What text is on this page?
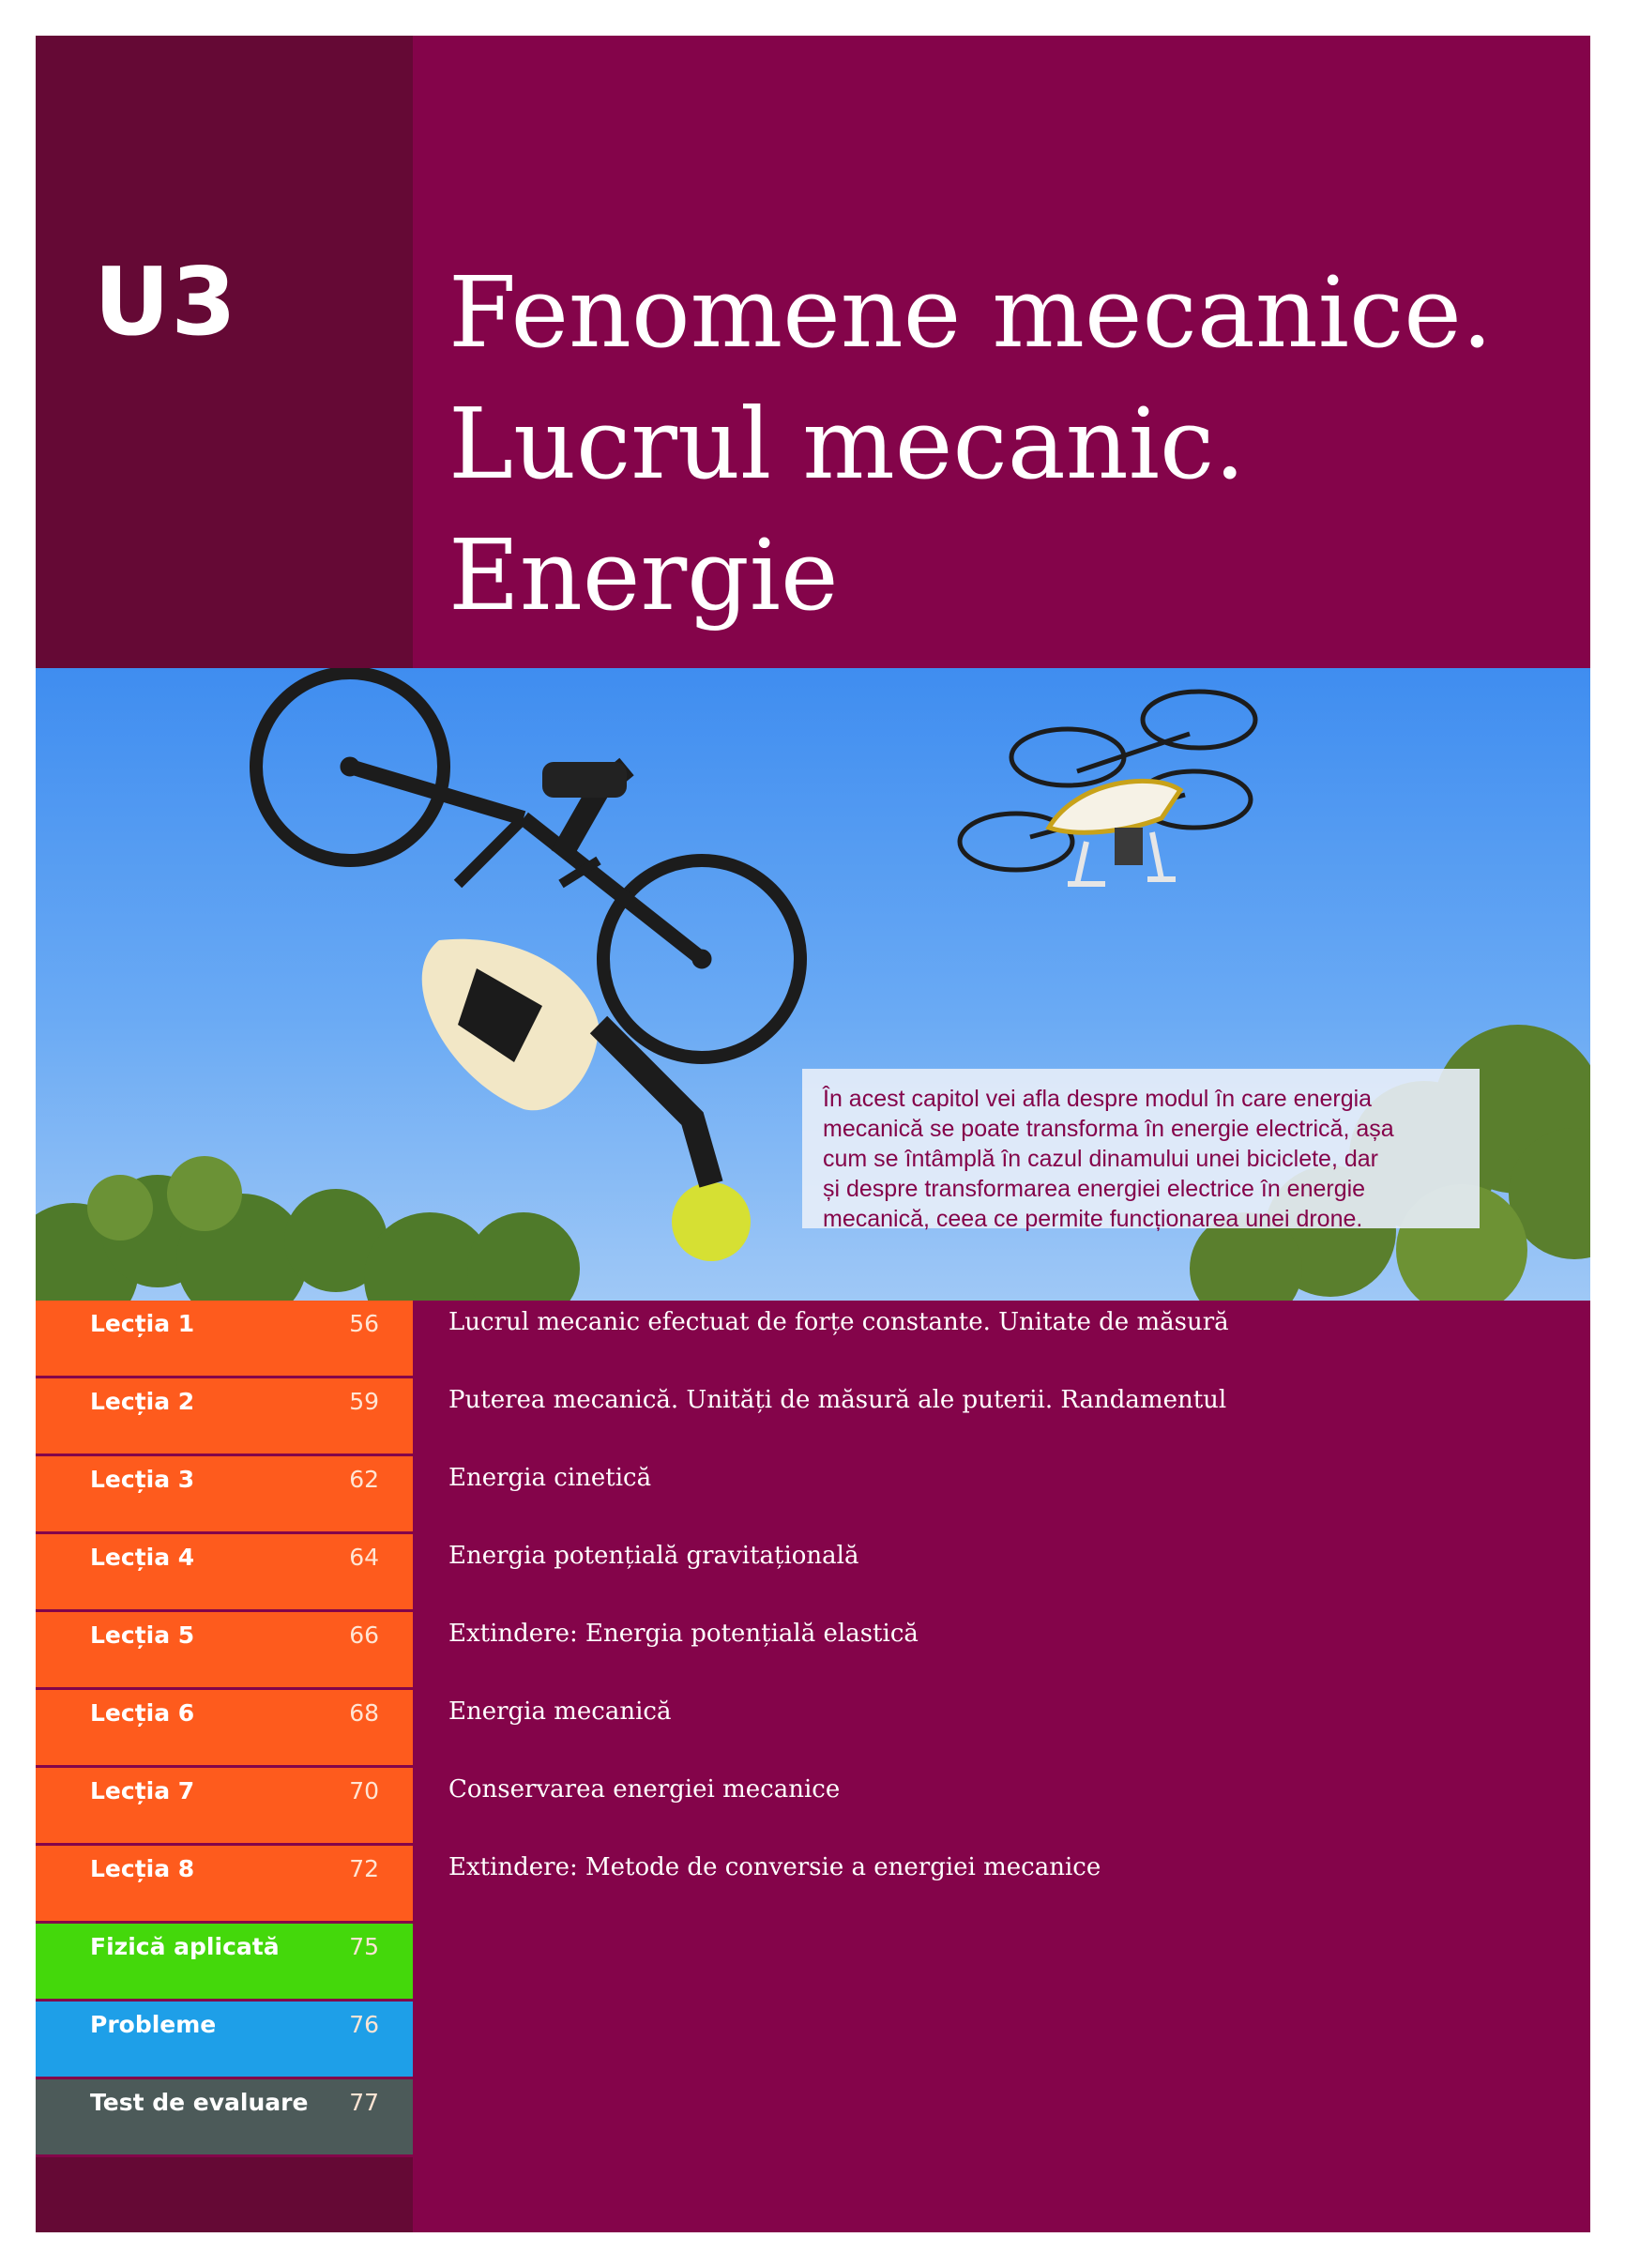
U3 Fenomene mecanice.
Lucrul mecanic.
Energie
În acest capitol vei afla despre modul în care energia
mecanică se poate transforma în energie electrică, așa
cum se întâmplă în cazul dinamului unei biciclete, dar
și despre transformarea energiei electrice în energie
mecanică, ceea ce permite funcționarea unei drone.
Lecția 1	56	Lucrul mecanic efectuat de forțe constante. Unitate de măsură
Lecția 2	59	Puterea mecanică. Unități de măsură ale puterii. Randamentul
Lecția 3	62	Energia cinetică
Lecția 4	64	Energia potențială gravitațională
Lecția 5	66	Extindere: Energia potențială elastică
Lecția 6	68	Energia mecanică
Lecția 7	70	Conservarea energiei mecanice
Lecția 8	72	Extindere: Metode de conversie a energiei mecanice
Fizică aplicată	75
Probleme	76
Test de evaluare 77
